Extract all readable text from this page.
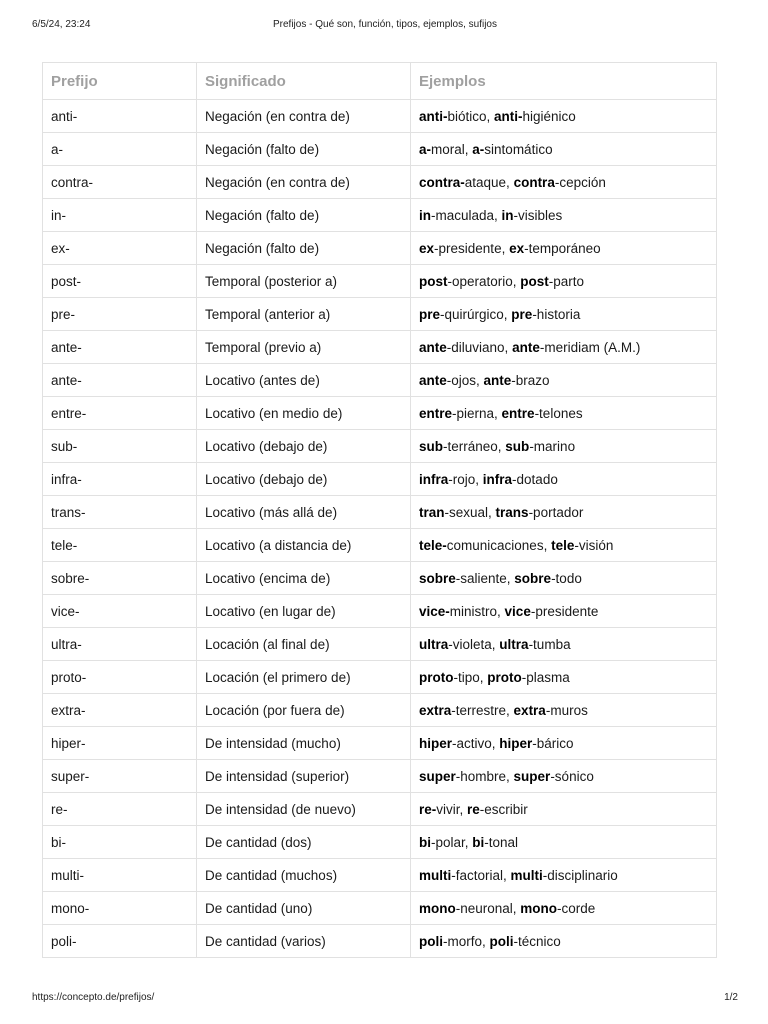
6/5/24, 23:24	Prefijos - Qué son, función, tipos, ejemplos, sufijos
Prefijo	Significado	Ejemplos
anti-	Negación (en contra de)	anti-biótico, anti-higiénico
a-	Negación (falto de)	a-moral, a-sintomático
contra-	Negación (en contra de)	contra-ataque, contra-cepción
in-	Negación (falto de)	in-maculada, in-visibles
ex-	Negación (falto de)	ex-presidente, ex-temporáneo
post-	Temporal (posterior a)	post-operatorio, post-parto
pre-	Temporal (anterior a)	pre-quirúrgico, pre-historia
ante-	Temporal (previo a)	ante-diluviano, ante-meridiam (A.M.)
ante-	Locativo (antes de)	ante-ojos, ante-brazo
entre-	Locativo (en medio de)	entre-pierna, entre-telones
sub-	Locativo (debajo de)	sub-terráneo, sub-marino
infra-	Locativo (debajo de)	infra-rojo, infra-dotado
trans-	Locativo (más allá de)	tran-sexual, trans-portador
tele-	Locativo (a distancia de)	tele-comunicaciones, tele-visión
sobre-	Locativo (encima de)	sobre-saliente, sobre-todo
vice-	Locativo (en lugar de)	vice-ministro, vice-presidente
ultra-	Locación (al final de)	ultra-violeta, ultra-tumba
proto-	Locación (el primero de)	proto-tipo, proto-plasma
extra-	Locación (por fuera de)	extra-terrestre, extra-muros
hiper-	De intensidad (mucho)	hiper-activo, hiper-bárico
super-	De intensidad (superior)	super-hombre, super-sónico
re-	De intensidad (de nuevo)	re-vivir, re-escribir
bi-	De cantidad (dos)	bi-polar, bi-tonal
multi-	De cantidad (muchos)	multi-factorial, multi-disciplinario
mono-	De cantidad (uno)	mono-neuronal, mono-corde
poli-	De cantidad (varios)	poli-morfo, poli-técnico
https://concepto.de/prefijos/	1/2
